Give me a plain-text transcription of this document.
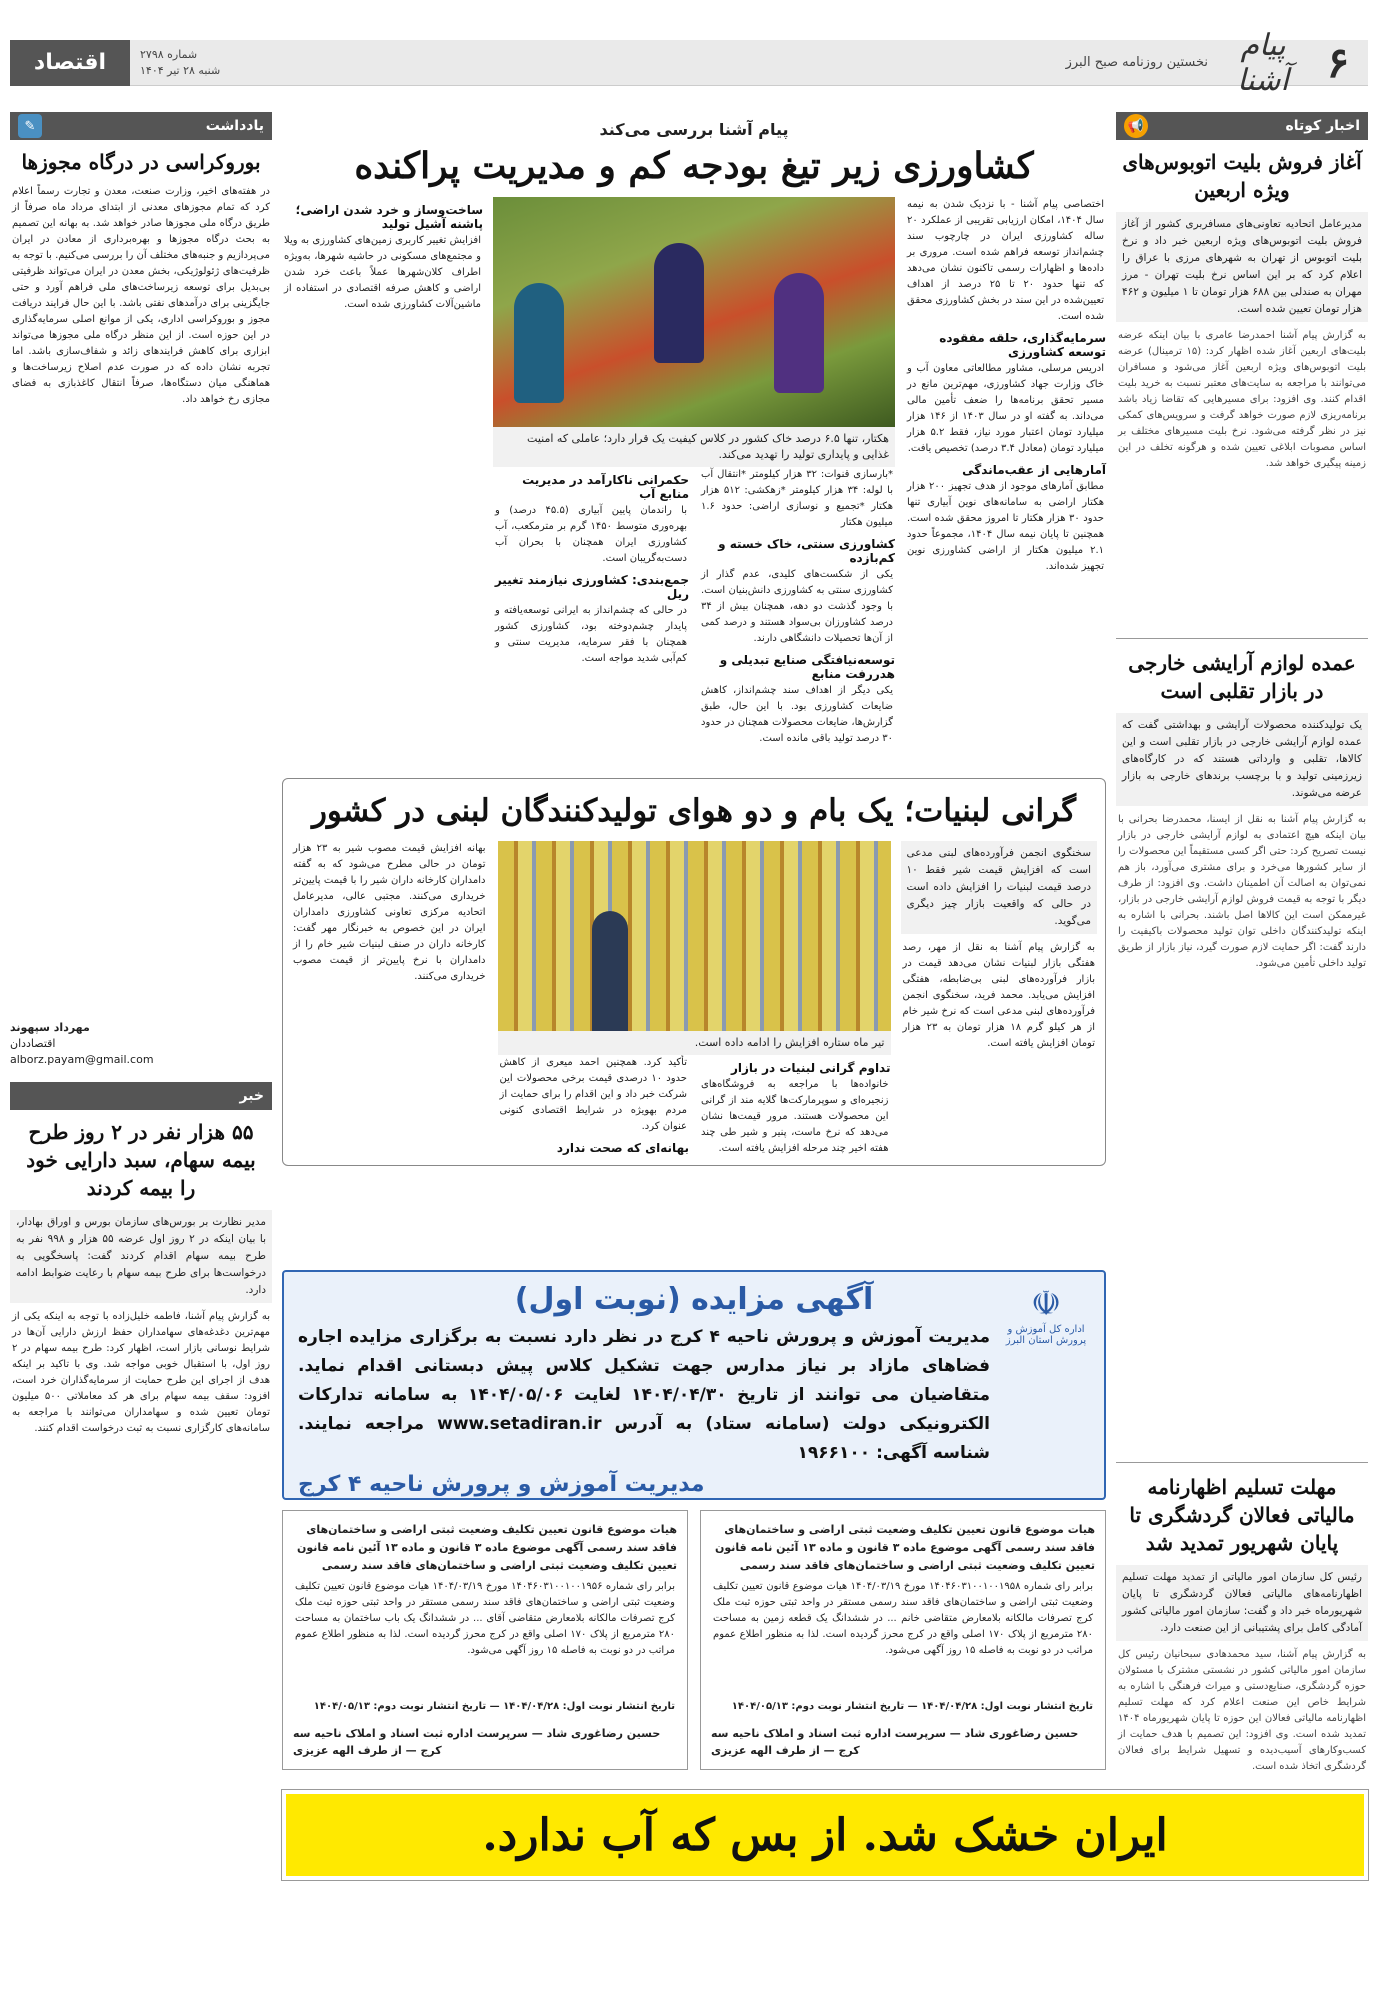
۶
پیام آشنا
نخستین روزنامه صبح البرز
شماره ۲۷۹۸
شنبه ۲۸ تیر ۱۴۰۴
اقتصاد
اخبار کوتاه
📢
آغاز فروش بلیت اتوبوس‌های ویژه اربعین
مدیرعامل اتحادیه تعاونی‌های مسافربری کشور از آغاز فروش بلیت اتوبوس‌های ویژه اربعین خبر داد و نرخ بلیت اتوبوس از تهران به شهرهای مرزی با عراق را اعلام کرد که بر این اساس نرخ بلیت تهران - مرز مهران به صندلی بین ۶۸۸ هزار تومان تا ۱ میلیون و ۴۶۲ هزار تومان تعیین شده است.
به گزارش پیام آشنا احمدرضا عامری با بیان اینکه عرضه بلیت‌های اربعین آغاز شده اظهار کرد: (۱۵ ترمینال) عرضه بلیت اتوبوس‌های ویژه اربعین آغاز می‌شود و مسافران می‌توانند با مراجعه به سایت‌های معتبر نسبت به خرید بلیت اقدام کنند. وی افزود: برای مسیرهایی که تقاضا زیاد باشد برنامه‌ریزی لازم صورت خواهد گرفت و سرویس‌های کمکی نیز در نظر گرفته می‌شود. نرخ بلیت مسیرهای مختلف بر اساس مصوبات ابلاغی تعیین شده و هرگونه تخلف در این زمینه پیگیری خواهد شد.
عمده لوازم آرایشی خارجی در بازار تقلبی است
یک تولیدکننده محصولات آرایشی و بهداشتی گفت که عمده لوازم آرایشی خارجی در بازار تقلبی است و این کالاها، تقلبی و وارداتی هستند که در کارگاه‌های زیرزمینی تولید و با برچسب برندهای خارجی به بازار عرضه می‌شوند.
به گزارش پیام آشنا به نقل از ایسنا، محمدرضا بحرانی با بیان اینکه هیچ اعتمادی به لوازم آرایشی خارجی در بازار نیست تصریح کرد: حتی اگر کسی مستقیماً این محصولات را از سایر کشورها می‌خرد و برای مشتری می‌آورد، باز هم نمی‌توان به اصالت آن اطمینان داشت. وی افزود: از طرف دیگر با توجه به قیمت فروش لوازم آرایشی خارجی در بازار، غیرممکن است این کالاها اصل باشند. بحرانی با اشاره به اینکه تولیدکنندگان داخلی توان تولید محصولات باکیفیت را دارند گفت: اگر حمایت لازم صورت گیرد، نیاز بازار از طریق تولید داخلی تأمین می‌شود.
مهلت تسلیم اظهارنامه مالیاتی فعالان گردشگری تا پایان شهریور تمدید شد
رئیس کل سازمان امور مالیاتی از تمدید مهلت تسلیم اظهارنامه‌های مالیاتی فعالان گردشگری تا پایان شهریورماه خبر داد و گفت: سازمان امور مالیاتی کشور آمادگی کامل برای پشتیبانی از این صنعت دارد.
به گزارش پیام آشنا، سید محمدهادی سبحانیان رئیس کل سازمان امور مالیاتی کشور در نشستی مشترک با مسئولان حوزه گردشگری، صنایع‌دستی و میراث فرهنگی با اشاره به شرایط خاص این صنعت اعلام کرد که مهلت تسلیم اظهارنامه مالیاتی فعالان این حوزه تا پایان شهریورماه ۱۴۰۴ تمدید شده است. وی افزود: این تصمیم با هدف حمایت از کسب‌وکارهای آسیب‌دیده و تسهیل شرایط برای فعالان گردشگری اتخاذ شده است.
پیام آشنا بررسی می‌کند
کشاورزی زیر تیغ بودجه کم و مدیریت پراکنده
اختصاصی پیام آشنا - با نزدیک شدن به نیمه سال ۱۴۰۴، امکان ارزیابی تقریبی از عملکرد ۲۰ ساله کشاورزی ایران در چارچوب سند چشم‌انداز توسعه فراهم شده است. مروری بر داده‌ها و اظهارات رسمی تاکنون نشان می‌دهد که تنها حدود ۲۰ تا ۲۵ درصد از اهداف تعیین‌شده در این سند در بخش کشاورزی محقق شده است.
سرمایه‌گذاری، حلقه مفقوده توسعه کشاورزی
ادریس مرسلی، مشاور مطالعاتی معاون آب و خاک وزارت جهاد کشاورزی، مهم‌ترین مانع در مسیر تحقق برنامه‌ها را ضعف تأمین مالی می‌داند. به گفته او در سال ۱۴۰۳ از ۱۴۶ هزار میلیارد تومان اعتبار مورد نیاز، فقط ۵.۲ هزار میلیارد تومان (معادل ۳.۴ درصد) تخصیص یافت.
آمارهایی از عقب‌ماندگی
مطابق آمارهای موجود از هدف تجهیز ۲۰۰ هزار هکتار اراضی به سامانه‌های نوین آبیاری تنها حدود ۳۰ هزار هکتار تا امروز محقق شده است. همچنین تا پایان نیمه سال ۱۴۰۴، مجموعاً حدود ۲.۱ میلیون هکتار از اراضی کشاورزی نوین تجهیز شده‌اند.
هکتار، تنها ۶.۵ درصد خاک کشور در کلاس کیفیت یک قرار دارد؛ عاملی که امنیت غذایی و پایداری تولید را تهدید می‌کند.
*بارسازی قنوات: ۳۲ هزار کیلومتر *انتقال آب با لوله: ۳۴ هزار کیلومتر *زهکشی: ۵۱۲ هزار هکتار *تجمیع و نوسازی اراضی: حدود ۱.۶ میلیون هکتار
کشاورزی سنتی، خاک خسته و کم‌بازده
یکی از شکست‌های کلیدی، عدم گذار از کشاورزی سنتی به کشاورزی دانش‌بنیان است. با وجود گذشت دو دهه، همچنان بیش از ۳۴ درصد کشاورزان بی‌سواد هستند و درصد کمی از آن‌ها تحصیلات دانشگاهی دارند.
توسعه‌نیافتگی صنایع تبدیلی و هدررفت منابع
یکی دیگر از اهداف سند چشم‌انداز، کاهش ضایعات کشاورزی بود. با این حال، طبق گزارش‌ها، ضایعات محصولات همچنان در حدود ۳۰ درصد تولید باقی مانده است.
حکمرانی ناکارآمد در مدیریت منابع آب
با راندمان پایین آبیاری (۴۵.۵ درصد) و بهره‌وری متوسط ۱۴۵۰ گرم بر مترمکعب، آب کشاورزی ایران همچنان با بحران آب دست‌به‌گریبان است.
جمع‌بندی: کشاورزی نیازمند تغییر ریل
در حالی که چشم‌انداز به ایرانی توسعه‌یافته و پایدار چشم‌دوخته بود، کشاورزی کشور همچنان با فقر سرمایه، مدیریت سنتی و کم‌آبی شدید مواجه است.
ساخت‌وساز و خرد شدن اراضی؛ پاشنه آشیل تولید
افزایش تغییر کاربری زمین‌های کشاورزی به ویلا و مجتمع‌های مسکونی در حاشیه شهرها، به‌ویژه اطراف کلان‌شهرها عملاً باعث خرد شدن اراضی و کاهش صرفه اقتصادی در استفاده از ماشین‌آلات کشاورزی شده است.
گرانی لبنیات؛ یک بام و دو هوای تولیدکنندگان لبنی در کشور
سخنگوی انجمن فرآورده‌های لبنی مدعی است که افزایش قیمت شیر فقط ۱۰ درصد قیمت لبنیات را افزایش داده است در حالی که واقعیت بازار چیز دیگری می‌گوید.
به گزارش پیام آشنا به نقل از مهر، رصد هفتگی بازار لبنیات نشان می‌دهد قیمت در بازار فرآورده‌های لبنی بی‌ضابطه، هفتگی افزایش می‌یابد. محمد فرید، سخنگوی انجمن فرآورده‌های لبنی مدعی است که نرخ شیر خام از هر کیلو گرم ۱۸ هزار تومان به ۲۳ هزار تومان افزایش یافته است.
تیر ماه ستاره افزایش را ادامه داده است.
تداوم گرانی لبنیات در بازار
خانواده‌ها با مراجعه به فروشگاه‌های زنجیره‌ای و سوپرمارکت‌ها گلایه مند از گرانی این محصولات هستند. مرور قیمت‌ها نشان می‌دهد که نرخ ماست، پنیر و شیر طی چند هفته اخیر چند مرحله افزایش یافته است.
تأکید کرد. همچنین احمد میعری از کاهش حدود ۱۰ درصدی قیمت برخی محصولات این شرکت خبر داد و این اقدام را برای حمایت از مردم بهویژه در شرایط اقتصادی کنونی عنوان کرد.
بهانه‌ای که صحت ندارد
بهانه افزایش قیمت مصوب شیر به ۲۳ هزار تومان در حالی مطرح می‌شود که به گفته دامداران کارخانه داران شیر را با قیمت پایین‌تر خریداری می‌کنند. مجتبی عالی، مدیرعامل اتحادیه مرکزی تعاونی کشاورزی دامداران ایران در این خصوص به خبرنگار مهر گفت: کارخانه داران در صنف لبنیات شیر خام را از دامداران با نرخ پایین‌تر از قیمت مصوب خریداری می‌کنند.
☫
اداره کل آموزش و پرورش استان البرز
آگهی مزایده (نوبت اول)
مدیریت آموزش و پرورش ناحیه ۴ کرج در نظر دارد نسبت به برگزاری مزایده اجاره فضاهای مازاد بر نیاز مدارس جهت تشکیل کلاس پیش دبستانی اقدام نماید. متقاضیان می توانند از تاریخ ۱۴۰۴/۰۴/۳۰ لغایت ۱۴۰۴/۰۵/۰۶ به سامانه تدارکات الکترونیکی دولت (سامانه ستاد) به آدرس www.setadiran.ir مراجعه نمایند. شناسه آگهی: ۱۹۶۶۱۰۰
مدیریت آموزش و پرورش ناحیه ۴ کرج
هیات موضوع قانون تعیین تکلیف وضعیت ثبتی اراضی و ساختمان‌های فاقد سند رسمی آگهی موضوع ماده ۳ قانون و ماده ۱۳ آئین نامه قانون تعیین تکلیف وضعیت ثبتی اراضی و ساختمان‌های فاقد سند رسمی
برابر رای شماره ۱۴۰۴۶۰۳۱۰۰۱۰۰۱۹۵۸ مورخ ۱۴۰۴/۰۳/۱۹ هیات موضوع قانون تعیین تکلیف وضعیت ثبتی اراضی و ساختمان‌های فاقد سند رسمی مستقر در واحد ثبتی حوزه ثبت ملک کرج تصرفات مالکانه بلامعارض متقاضی خانم ... در ششدانگ یک قطعه زمین به مساحت ۲۸۰ مترمربع از پلاک ۱۷۰ اصلی واقع در کرج محرز گردیده است. لذا به منظور اطلاع عموم مراتب در دو نوبت به فاصله ۱۵ روز آگهی می‌شود.
تاریخ انتشار نوبت اول: ۱۴۰۴/۰۴/۲۸ — تاریخ انتشار نوبت دوم: ۱۴۰۴/۰۵/۱۳
حسین رضاغوری شاد — سرپرست اداره ثبت اسناد و املاک ناحیه سه کرج — از طرف الهه عزیزی
هیات موضوع قانون تعیین تکلیف وضعیت ثبتی اراضی و ساختمان‌های فاقد سند رسمی آگهی موضوع ماده ۳ قانون و ماده ۱۳ آئین نامه قانون تعیین تکلیف وضعیت ثبتی اراضی و ساختمان‌های فاقد سند رسمی
برابر رای شماره ۱۴۰۴۶۰۳۱۰۰۱۰۰۱۹۵۶ مورخ ۱۴۰۴/۰۳/۱۹ هیات موضوع قانون تعیین تکلیف وضعیت ثبتی اراضی و ساختمان‌های فاقد سند رسمی مستقر در واحد ثبتی حوزه ثبت ملک کرج تصرفات مالکانه بلامعارض متقاضی آقای ... در ششدانگ یک باب ساختمان به مساحت ۲۸۰ مترمربع از پلاک ۱۷۰ اصلی واقع در کرج محرز گردیده است. لذا به منظور اطلاع عموم مراتب در دو نوبت به فاصله ۱۵ روز آگهی می‌شود.
تاریخ انتشار نوبت اول: ۱۴۰۴/۰۴/۲۸ — تاریخ انتشار نوبت دوم: ۱۴۰۴/۰۵/۱۳
حسین رضاغوری شاد — سرپرست اداره ثبت اسناد و املاک ناحیه سه کرج — از طرف الهه عزیزی
یادداشت
✎
بوروکراسی در درگاه مجوزها
در هفته‌های اخیر، وزارت صنعت، معدن و تجارت رسماً اعلام کرد که تمام مجوزهای معدنی از ابتدای مرداد ماه صرفاً از طریق درگاه ملی مجوزها صادر خواهد شد. به بهانه این تصمیم به بحث درگاه مجوزها و بهره‌برداری از معادن در ایران می‌پردازیم و جنبه‌های مختلف آن را بررسی می‌کنیم. با توجه به ظرفیت‌های ژئولوژیکی، بخش معدن در ایران می‌تواند ظرفیتی بی‌بدیل برای توسعه زیرساخت‌های ملی فراهم آورد و حتی جایگزینی برای درآمدهای نفتی باشد. با این حال فرایند دریافت مجوز و بوروکراسی اداری، یکی از موانع اصلی سرمایه‌گذاری در این حوزه است. از این منظر درگاه ملی مجوزها می‌تواند ابزاری برای کاهش فرایندهای زائد و شفاف‌سازی باشد. اما تجربه نشان داده که در صورت عدم اصلاح زیرساخت‌ها و هماهنگی میان دستگاه‌ها، صرفاً انتقال کاغذبازی به فضای مجازی رخ خواهد داد.
مهرداد سپهوند
اقتصاددان
alborz.payam@gmail.com
خبر
۵۵ هزار نفر در ۲ روز طرح بیمه سهام، سبد دارایی خود را بیمه کردند
مدیر نظارت بر بورس‌های سازمان بورس و اوراق بهادار، با بیان اینکه در ۲ روز اول عرضه ۵۵ هزار و ۹۹۸ نفر به طرح بیمه سهام اقدام کردند گفت: پاسخگویی به درخواست‌ها برای طرح بیمه سهام با رعایت ضوابط ادامه دارد.
به گزارش پیام آشنا، فاطمه خلیل‌زاده با توجه به اینکه یکی از مهم‌ترین دغدغه‌های سهامداران حفظ ارزش دارایی آن‌ها در شرایط نوسانی بازار است، اظهار کرد: طرح بیمه سهام در ۲ روز اول، با استقبال خوبی مواجه شد. وی با تاکید بر اینکه هدف از اجرای این طرح حمایت از سرمایه‌گذاران خرد است، افزود: سقف بیمه سهام برای هر کد معاملاتی ۵۰۰ میلیون تومان تعیین شده و سهامداران می‌توانند با مراجعه به سامانه‌های کارگزاری نسبت به ثبت درخواست اقدام کنند.
ایران خشک شد. از بس که آب ندارد.
